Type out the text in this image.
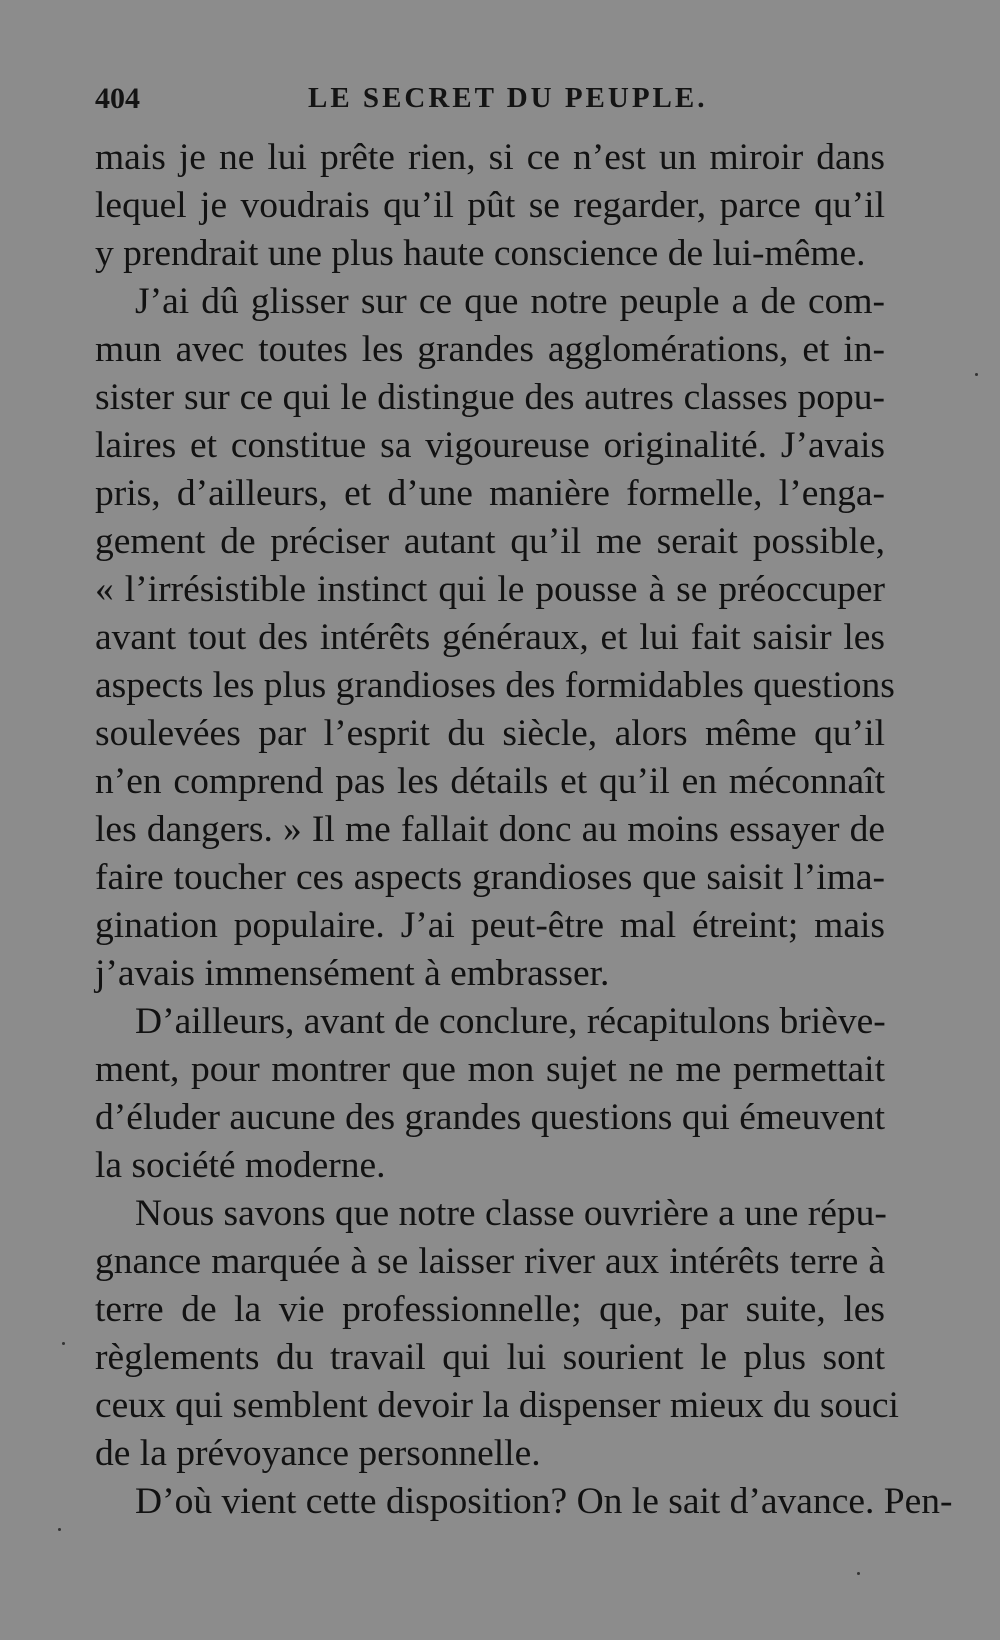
404	LE SECRET DU PEUPLE.
mais je ne lui prête rien, si ce n’est un miroir dans
lequel je voudrais qu’il pût se regarder, parce qu’il
y prendrait une plus haute conscience de lui-même.
J’ai dû glisser sur ce que notre peuple a de com-
mun avec toutes les grandes agglomérations, et in-
sister sur ce qui le distingue des autres classes popu-
laires et constitue sa vigoureuse originalité. J’avais
pris, d’ailleurs, et d’une manière formelle, l’enga-
gement de préciser autant qu’il me serait possible,
« l’irrésistible instinct qui le pousse à se préoccuper
avant tout des intérêts généraux, et lui fait saisir les
aspects les plus grandioses des formidables questions
soulevées par l’esprit du siècle, alors même qu’il
n’en comprend pas les détails et qu’il en méconnaît
les dangers. » Il me fallait donc au moins essayer de
faire toucher ces aspects grandioses que saisit l’ima-
gination populaire. J’ai peut-être mal étreint; mais
j’avais immensément à embrasser.
D’ailleurs, avant de conclure, récapitulons briève-
ment, pour montrer que mon sujet ne me permettait
d’éluder aucune des grandes questions qui émeuvent
la société moderne.
Nous savons que notre classe ouvrière a une répu-
gnance marquée à se laisser river aux intérêts terre à
terre de la vie professionnelle; que, par suite, les
règlements du travail qui lui sourient le plus sont
ceux qui semblent devoir la dispenser mieux du souci
de la prévoyance personnelle.
D’où vient cette disposition? On le sait d’avance. Pen-
